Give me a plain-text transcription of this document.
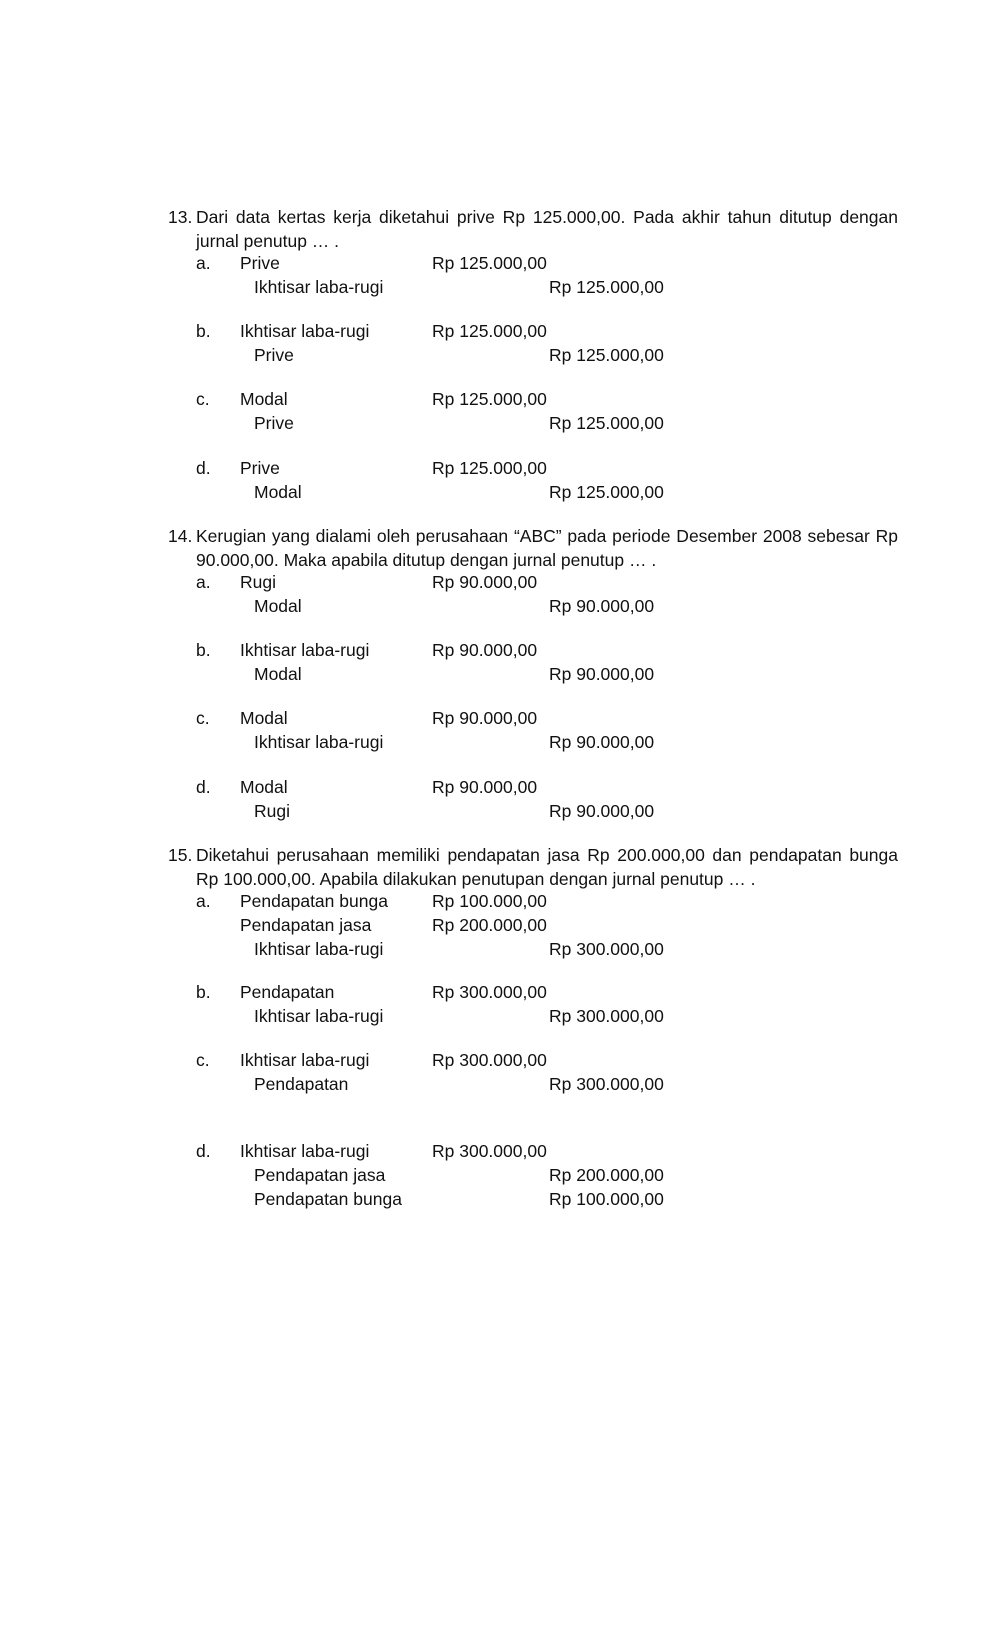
13. Dari data kertas kerja diketahui prive Rp 125.000,00. Pada akhir tahun ditutup dengan jurnal penutup … .
a.	Prive	Rp 125.000,00
Ikhtisar laba-rugi	Rp 125.000,00
b.	Ikhtisar laba-rugi	Rp 125.000,00
Prive	Rp 125.000,00
c.	Modal	Rp 125.000,00
Prive	Rp 125.000,00
d.	Prive	Rp 125.000,00
Modal	Rp 125.000,00
14. Kerugian yang dialami oleh perusahaan “ABC” pada periode Desember 2008 sebesar Rp 90.000,00. Maka apabila ditutup dengan jurnal penutup … .
a.	Rugi	Rp 90.000,00
Modal	Rp 90.000,00
b.	Ikhtisar laba-rugi	Rp 90.000,00
Modal	Rp 90.000,00
c.	Modal	Rp 90.000,00
Ikhtisar laba-rugi	Rp 90.000,00
d.	Modal	Rp 90.000,00
Rugi	Rp 90.000,00
15. Diketahui perusahaan memiliki pendapatan jasa Rp 200.000,00 dan pendapatan bunga Rp 100.000,00. Apabila dilakukan penutupan dengan jurnal penutup … .
a.	Pendapatan bunga	Rp 100.000,00
Pendapatan jasa	Rp 200.000,00
Ikhtisar laba-rugi	Rp 300.000,00
b.	Pendapatan	Rp 300.000,00
Ikhtisar laba-rugi	Rp 300.000,00
c.	Ikhtisar laba-rugi	Rp 300.000,00
Pendapatan	Rp 300.000,00
d.	Ikhtisar laba-rugi	Rp 300.000,00
Pendapatan jasa	Rp 200.000,00
Pendapatan bunga	Rp 100.000,00
